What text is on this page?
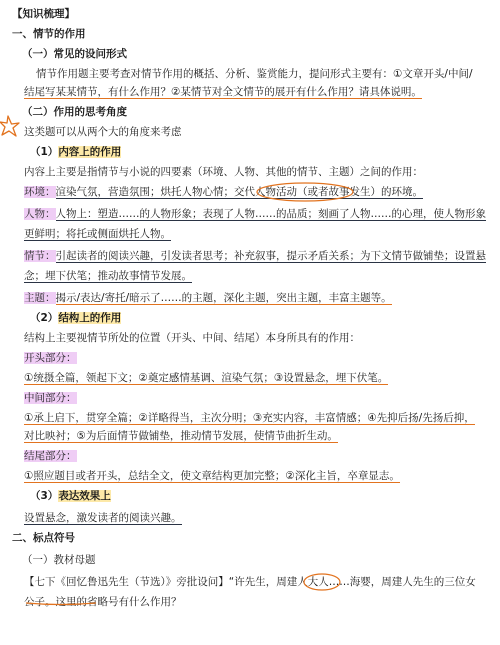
【知识梳理】
一、情节的作用
（一）常见的设问形式
情节作用题主要考查对情节作用的概括、分析、鉴赏能力，提问形式主要有：①文章开头/中间/
结尾写某某情节，有什么作用？②某情节对全文情节的展开有什么作用？请具体说明。
（二）作用的思考角度
这类题可以从两个大的角度来考虑
（1）内容上的作用
内容上主要是指情节与小说的四要素（环境、人物、其他的情节、主题）之间的作用：
环境：渲染气氛，营造氛围；烘托人物心情；交代人物活动（或者故事发生）的环境。
人物：人物上：塑造……的人物形象；表现了人物……的品质；刻画了人物……的心理，使人物形象
更鲜明；将托或侧面烘托人物。
情节：引起读者的阅读兴趣，引发读者思考；补充叙事，提示矛盾关系；为下文情节做铺垫；设置悬
念；埋下伏笔；推动故事情节发展。
主题：揭示/表达/寄托/暗示了……的主题，深化主题，突出主题，丰富主题等。
（2）结构上的作用
结构上主要视情节所处的位置（开头、中间、结尾）本身所具有的作用：
开头部分：
①统摄全篇，领起下文；②奠定感情基调、渲染气氛；③设置悬念，埋下伏笔。
中间部分：
①承上启下，贯穿全篇；②详略得当，主次分明；③充实内容，丰富情感；④先抑后扬/先扬后抑，
对比映衬；⑤为后面情节做铺垫，推动情节发展，使情节曲折生动。
结尾部分：
①照应题目或者开头，总结全文，使文章结构更加完整；②深化主旨，卒章显志。
（3）表达效果上
设置悬念，激发读者的阅读兴趣。
二、标点符号
（一）教材母题
【七下《回忆鲁迅先生（节选）》旁批设问】“许先生，周建人大人……海婴，周建人先生的三位女
公子。这里的省略号有什么作用？
